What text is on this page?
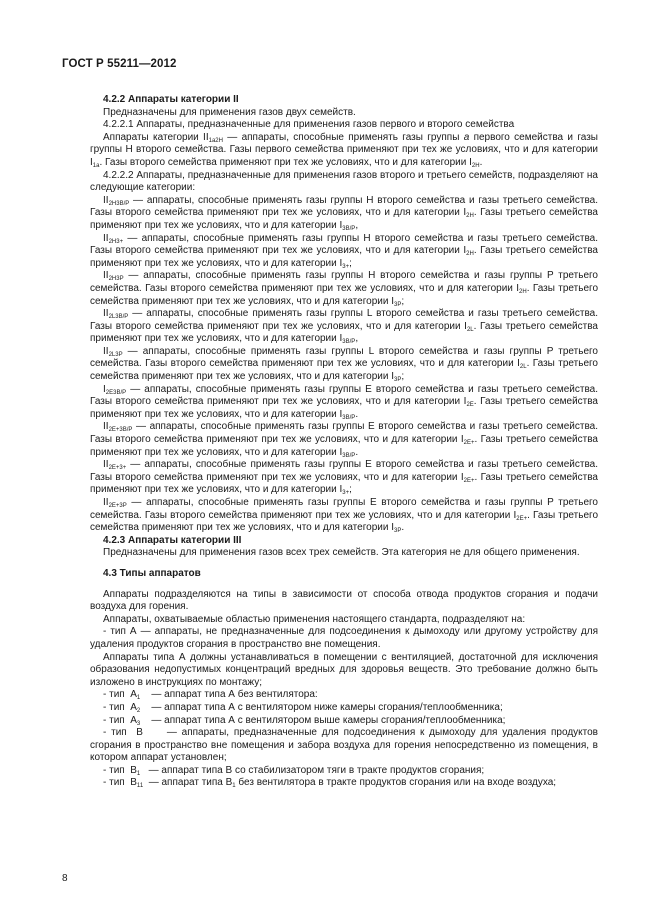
ГОСТ Р 55211—2012

4.2.2 Аппараты категории II

Предназначены для применения газов двух семейств.

4.2.2.1 Аппараты, предназначенные для применения газов первого и второго семейства

Аппараты категории $II_{1a2H}$ — аппараты, способные применять газы группы a первого семейства и газы группы H второго семейства. Газы первого семейства применяют при тех же условиях, что и для категории $I_{1a}$. Газы второго семейства применяют при тех же условиях, что и для категории $I_{2H}$.

4.2.2.2 Аппараты, предназначенные для применения газов второго и третьего семейств, подразделяют на следующие категории:

$II_{2H3B/P}$ — аппараты, способные применять газы группы H второго семейства и газы третьего семейства. Газы второго семейства применяют при тех же условиях, что и для категории $I_{2H}$. Газы третьего семейства применяют при тех же условиях, что и для категории $I_{3B/P}$,

$II_{2H3+}$ — аппараты, способные применять газы группы H второго семейства и газы третьего семейства. Газы второго семейства применяют при тех же условиях, что и для категории $I_{2H}$. Газы третьего семейства применяют при тех же условиях, что и для категории $I_{3+}$;

$II_{2H3P}$ — аппараты, способные применять газы группы H второго семейства и газы группы P третьего семейства. Газы второго семейства применяют при тех же условиях, что и для категории $I_{2H}$. Газы третьего семейства применяют при тех же условиях, что и для категории $I_{3P}$;

$II_{2L3B/P}$ — аппараты, способные применять газы группы L второго семейства и газы третьего семейства. Газы второго семейства применяют при тех же условиях, что и для категории $I_{2L}$. Газы третьего семейства применяют при тех же условиях, что и для категории $I_{3B/P}$,

$II_{2L3P}$ — аппараты, способные применять газы группы L второго семейства и газы группы P третьего семейства. Газы второго семейства применяют при тех же условиях, что и для категории $I_{2L}$. Газы третьего семейства применяют при тех же условиях, что и для категории $I_{3P}$;

$I_{2E3B/P}$ — аппараты, способные применять газы группы E второго семейства и газы третьего семейства. Газы второго семейства применяют при тех же условиях, что и для категории $I_{2E}$. Газы третьего семейства применяют при тех же условиях, что и для категории $I_{3B/P}$.

$II_{2E+3B/P}$ — аппараты, способные применять газы группы E второго семейства и газы третьего семейства. Газы второго семейства применяют при тех же условиях, что и для категории $I_{2E+}$. Газы третьего семейства применяют при тех же условиях, что и для категории $I_{3B/P}$.

$II_{2E+3+}$ — аппараты, способные применять газы группы E второго семейства и газы третьего семейства. Газы второго семейства применяют при тех же условиях, что и для категории $I_{2E+}$. Газы третьего семейства применяют при тех же условиях, что и для категории $I_{3+}$;

$II_{2E+3P}$ — аппараты, способные применять газы группы E второго семейства и газы группы P третьего семейства. Газы второго семейства применяют при тех же условиях, что и для категории $I_{2E+}$. Газы третьего семейства применяют при тех же условиях, что и для категории $I_{3P}$.

4.2.3 Аппараты категории III

Предназначены для применения газов всех трех семейств. Эта категория не для общего применения.

4.3 Типы аппаратов

Аппараты подразделяются на типы в зависимости от способа отвода продуктов сгорания и подачи воздуха для горения.

Аппараты, охватываемые областью применения настоящего стандарта, подразделяют на:

- тип А — аппараты, не предназначенные для подсоединения к дымоходу или другому устройству для удаления продуктов сгорания в пространство вне помещения.

Аппараты типа А должны устанавливаться в помещении с вентиляцией, достаточной для исключения образования недопустимых концентраций вредных для здоровья веществ. Это требование должно быть изложено в инструкциях по монтажу;

- тип  $A_1$    — аппарат типа А без вентилятора:

- тип  $A_2$    — аппарат типа А с вентилятором ниже камеры сгорания/теплообменника;

- тип  $A_3$    — аппарат типа А с вентилятором выше камеры сгорания/теплообменника;

- тип  B     — аппараты, предназначенные для подсоединения к дымоходу для удаления продуктов сгорания в пространство вне помещения и забора воздуха для горения непосредственно из помещения, в котором аппарат установлен;

- тип  $B_1$   — аппарат типа В со стабилизатором тяги в тракте продуктов сгорания;

- тип  $B_{11}$  — аппарат типа $В_1$ без вентилятора в тракте продуктов сгорания или на входе воздуха;

8
